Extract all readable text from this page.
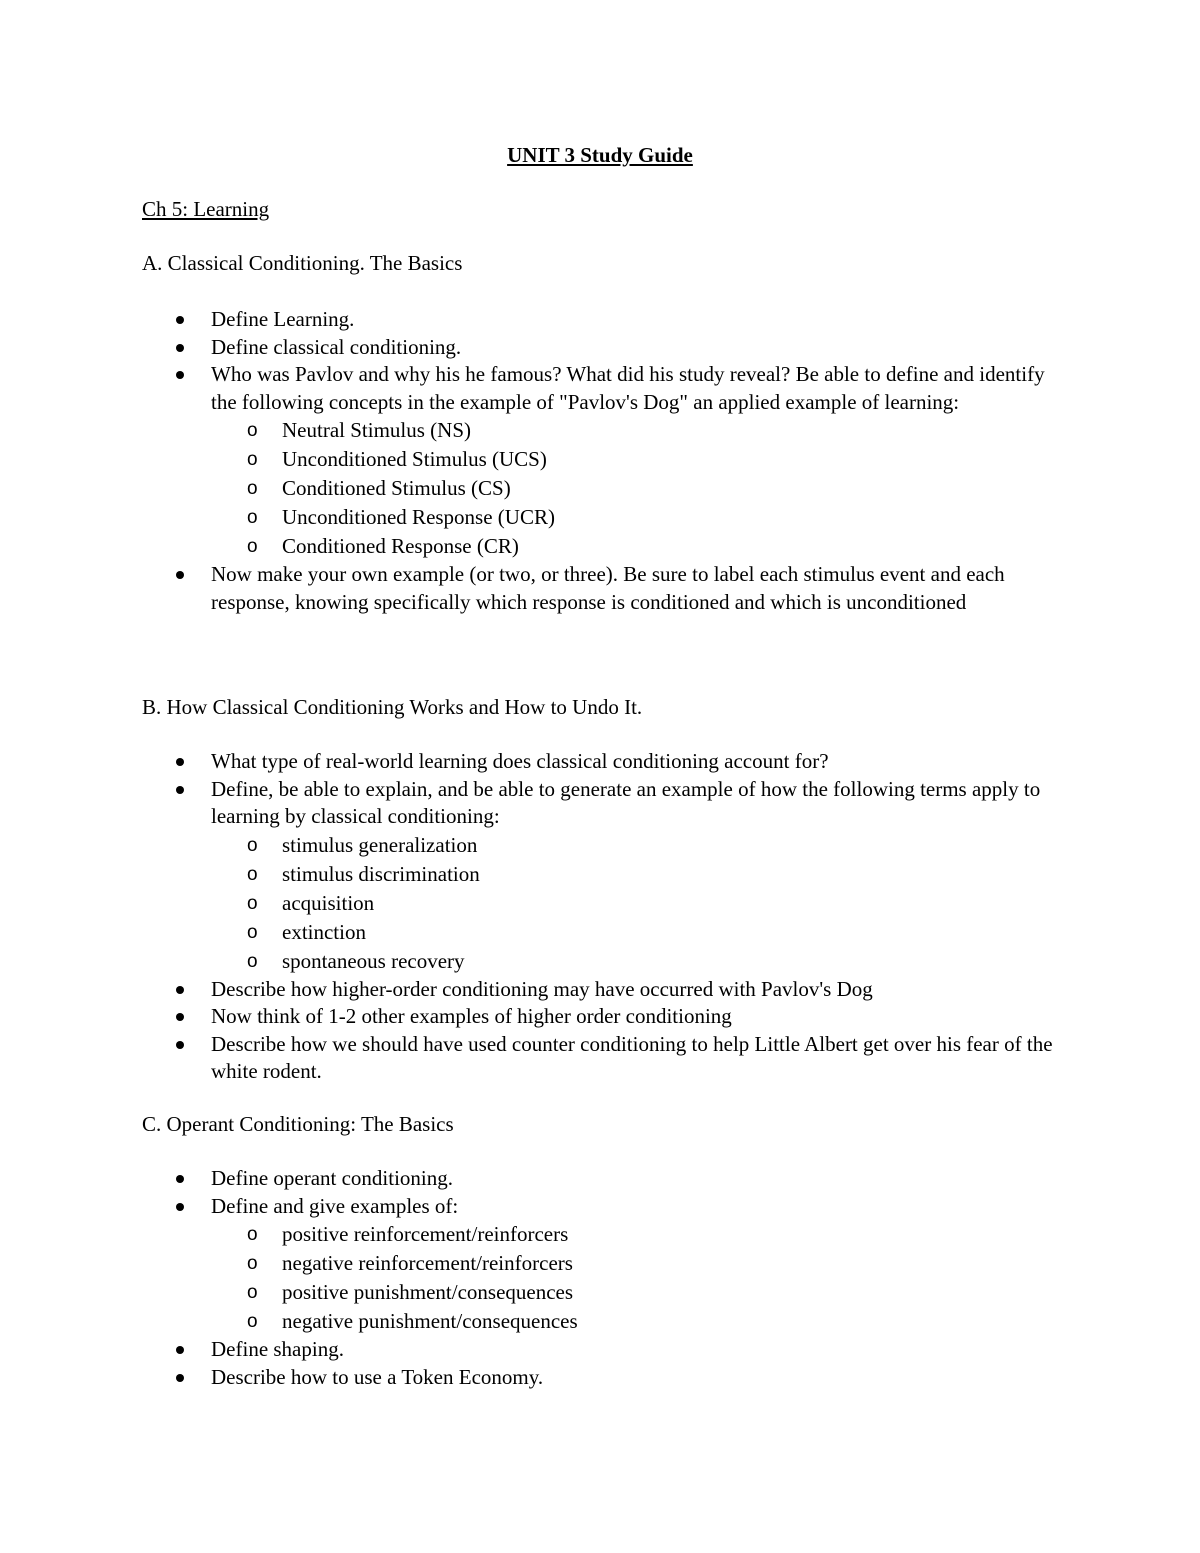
UNIT 3 Study Guide
Ch 5: Learning
A. Classical Conditioning. The Basics
Define Learning.
Define classical conditioning.
Who was Pavlov and why his he famous? What did his study reveal? Be able to define and identify the following concepts in the example of "Pavlov's Dog" an applied example of learning:
o Neutral Stimulus (NS)
o Unconditioned Stimulus (UCS)
o Conditioned Stimulus (CS)
o Unconditioned Response (UCR)
o Conditioned Response (CR)
Now make your own example (or two, or three). Be sure to label each stimulus event and each response, knowing specifically which response is conditioned and which is unconditioned
B. How Classical Conditioning Works and How to Undo It.
What type of real-world learning does classical conditioning account for?
Define, be able to explain, and be able to generate an example of how the following terms apply to learning by classical conditioning:
o stimulus generalization
o stimulus discrimination
o acquisition
o extinction
o spontaneous recovery
Describe how higher-order conditioning may have occurred with Pavlov's Dog
Now think of 1-2 other examples of higher order conditioning
Describe how we should have used counter conditioning to help Little Albert get over his fear of the white rodent.
C. Operant Conditioning: The Basics
Define operant conditioning.
Define and give examples of:
o positive reinforcement/reinforcers
o negative reinforcement/reinforcers
o positive punishment/consequences
o negative punishment/consequences
Define shaping.
Describe how to use a Token Economy.
